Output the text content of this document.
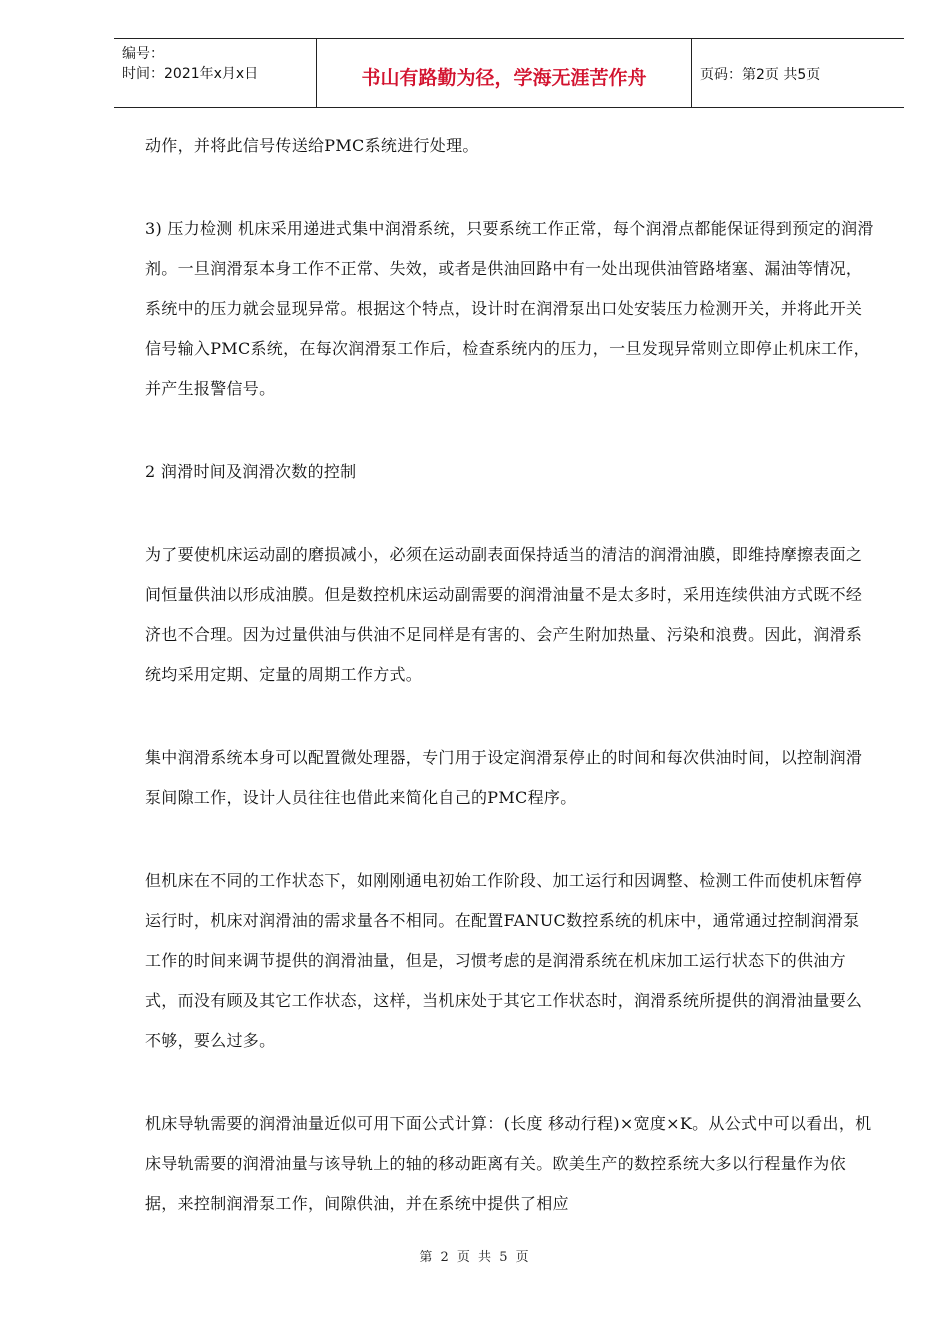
编号：
时间：2021年x月x日	书山有路勤为径，学海无涯苦作舟	页码：第2页 共5页

动作，并将此信号传送给PMC系统进行处理。

3) 压力检测 机床采用递进式集中润滑系统，只要系统工作正常，每个润滑点都能保证得到预定的润滑剂。一旦润滑泵本身工作不正常、失效，或者是供油回路中有一处出现供油管路堵塞、漏油等情况，系统中的压力就会显现异常。根据这个特点，设计时在润滑泵出口处安装压力检测开关，并将此开关信号输入PMC系统，在每次润滑泵工作后，检查系统内的压力，一旦发现异常则立即停止机床工作，并产生报警信号。

2 润滑时间及润滑次数的控制

为了要使机床运动副的磨损减小，必须在运动副表面保持适当的清洁的润滑油膜，即维持摩擦表面之间恒量供油以形成油膜。但是数控机床运动副需要的润滑油量不是太多时，采用连续供油方式既不经济也不合理。因为过量供油与供油不足同样是有害的、会产生附加热量、污染和浪费。因此，润滑系统均采用定期、定量的周期工作方式。

集中润滑系统本身可以配置微处理器，专门用于设定润滑泵停止的时间和每次供油时间，以控制润滑泵间隙工作，设计人员往往也借此来简化自己的PMC程序。

但机床在不同的工作状态下，如刚刚通电初始工作阶段、加工运行和因调整、检测工件而使机床暂停运行时，机床对润滑油的需求量各不相同。在配置FANUC数控系统的机床中，通常通过控制润滑泵工作的时间来调节提供的润滑油量，但是，习惯考虑的是润滑系统在机床加工运行状态下的供油方式，而没有顾及其它工作状态，这样，当机床处于其它工作状态时，润滑系统所提供的润滑油量要么不够，要么过多。

机床导轨需要的润滑油量近似可用下面公式计算：(长度 移动行程)×宽度×K。从公式中可以看出，机床导轨需要的润滑油量与该导轨上的轴的移动距离有关。欧美生产的数控系统大多以行程量作为依据，来控制润滑泵工作，间隙供油，并在系统中提供了相应

第 2 页 共 5 页
